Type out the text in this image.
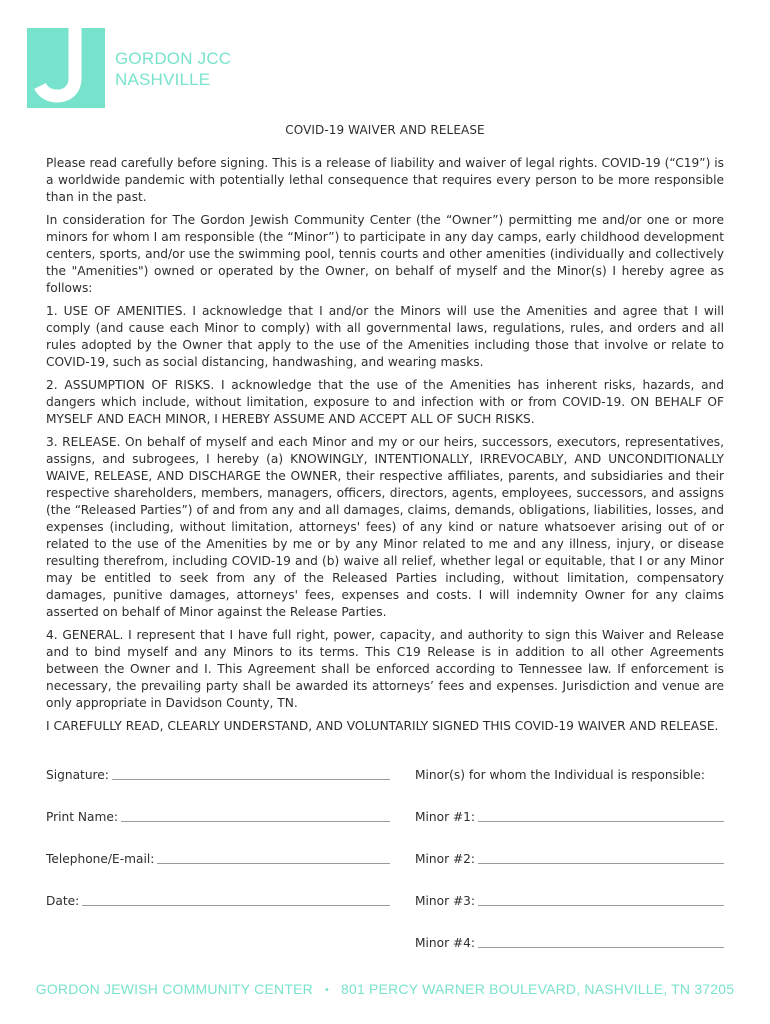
GORDON JCC
NASHVILLE
COVID-19 WAIVER AND RELEASE

Please read carefully before signing. This is a release of liability and waiver of legal rights. COVID-19 (“C19”) is a worldwide pandemic with potentially lethal consequence that requires every person to be more responsible than in the past.

In consideration for The Gordon Jewish Community Center (the “Owner”) permitting me and/or one or more minors for whom I am responsible (the “Minor”) to participate in any day camps, early childhood development centers, sports, and/or use the swimming pool, tennis courts and other amenities (individually and collectively the "Amenities") owned or operated by the Owner, on behalf of myself and the Minor(s) I hereby agree as follows:

1. USE OF AMENITIES. I acknowledge that I and/or the Minors will use the Amenities and agree that I will comply (and cause each Minor to comply) with all governmental laws, regulations, rules, and orders and all rules adopted by the Owner that apply to the use of the Amenities including those that involve or relate to COVID-19, such as social distancing, handwashing, and wearing masks.

2. ASSUMPTION OF RISKS. I acknowledge that the use of the Amenities has inherent risks, hazards, and dangers which include, without limitation, exposure to and infection with or from COVID-19. ON BEHALF OF MYSELF AND EACH MINOR, I HEREBY ASSUME AND ACCEPT ALL OF SUCH RISKS.

3. RELEASE. On behalf of myself and each Minor and my or our heirs, successors, executors, representatives, assigns, and subrogees, I hereby (a) KNOWINGLY, INTENTIONALLY, IRREVOCABLY, AND UNCONDITIONALLY WAIVE, RELEASE, AND DISCHARGE the OWNER, their respective affiliates, parents, and subsidiaries and their respective shareholders, members, managers, officers, directors, agents, employees, successors, and assigns (the “Released Parties”) of and from any and all damages, claims, demands, obligations, liabilities, losses, and expenses (including, without limitation, attorneys' fees) of any kind or nature whatsoever arising out of or related to the use of the Amenities by me or by any Minor related to me and any illness, injury, or disease resulting therefrom, including COVID-19 and (b) waive all relief, whether legal or equitable, that I or any Minor may be entitled to seek from any of the Released Parties including, without limitation, compensatory damages, punitive damages, attorneys' fees, expenses and costs. I will indemnity Owner for any claims asserted on behalf of Minor against the Release Parties.

4. GENERAL. I represent that I have full right, power, capacity, and authority to sign this Waiver and Release and to bind myself and any Minors to its terms. This C19 Release is in addition to all other Agreements between the Owner and I. This Agreement shall be enforced according to Tennessee law. If enforcement is necessary, the prevailing party shall be awarded its attorneys’ fees and expenses. Jurisdiction and venue are only appropriate in Davidson County, TN.

I CAREFULLY READ, CLEARLY UNDERSTAND, AND VOLUNTARILY SIGNED THIS COVID-19 WAIVER AND RELEASE.

Signature:
Print Name:
Telephone/E-mail:
Date:
Minor(s) for whom the Individual is responsible:
Minor #1:
Minor #2:
Minor #3:
Minor #4:
GORDON JEWISH COMMUNITY CENTER • 801 PERCY WARNER BOULEVARD, NASHVILLE, TN 37205
